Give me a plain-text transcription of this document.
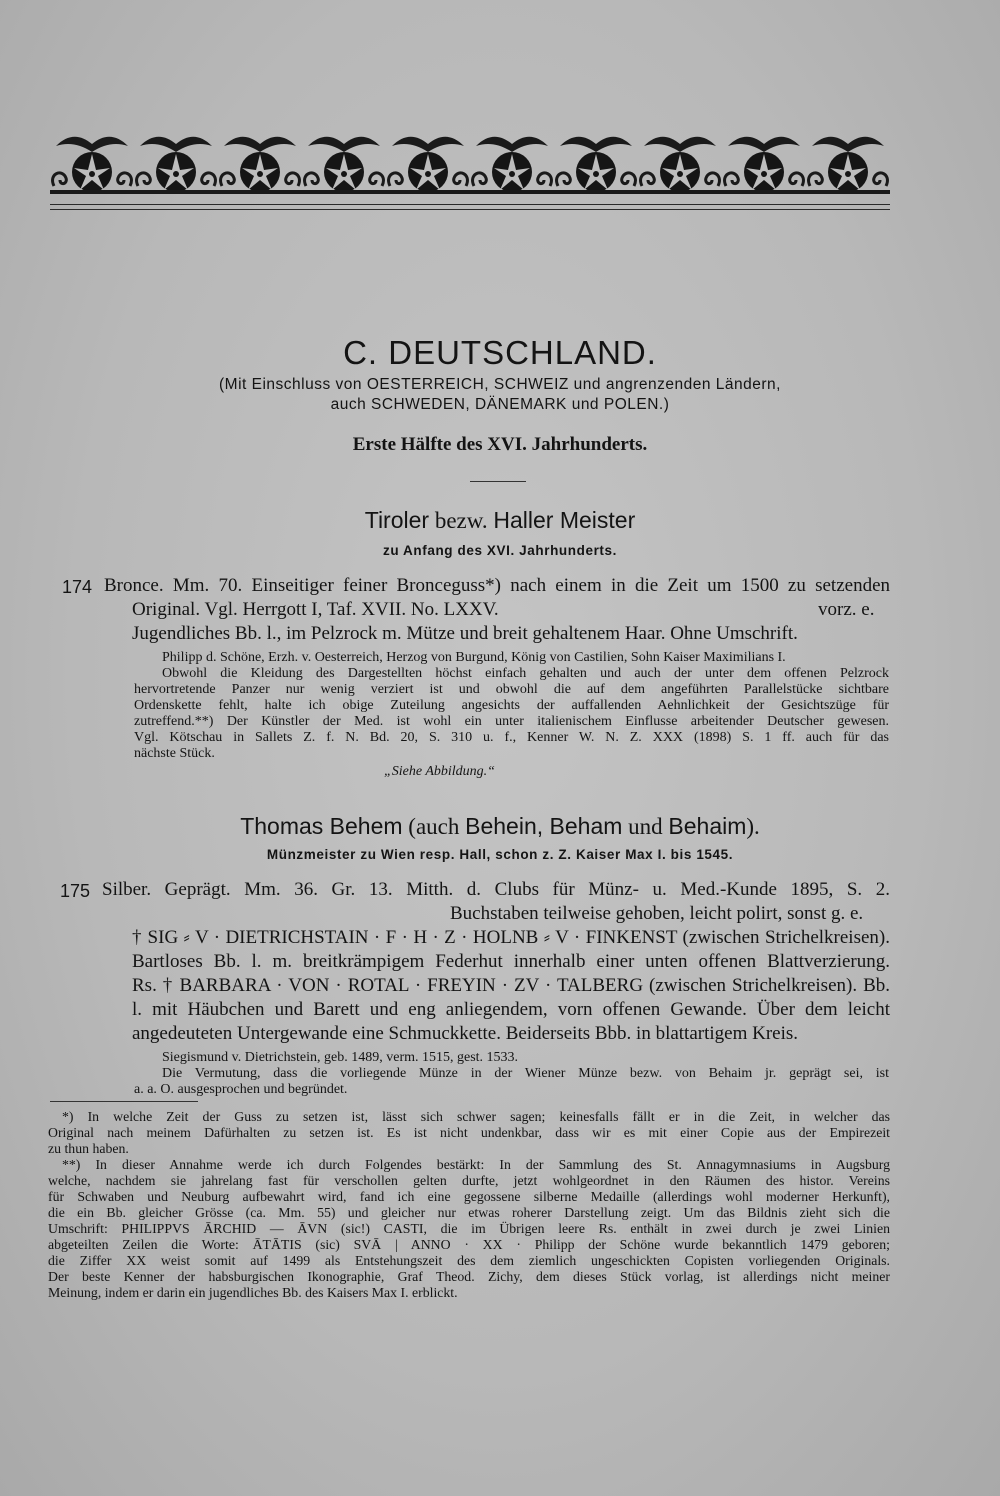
C. DEUTSCHLAND.
(Mit Einschluss von OESTERREICH, SCHWEIZ und angrenzenden Ländern,
auch SCHWEDEN, DÄNEMARK und POLEN.)
Erste Hälfte des XVI. Jahrhunderts.
Tiroler bezw. Haller Meister
zu Anfang des XVI. Jahrhunderts.
174 Bronce. Mm. 70. Einseitiger feiner Bronceguss*) nach einem in die Zeit um 1500 zu setzenden
Original. Vgl. Herrgott I, Taf. XVII. No. LXXV.	vorz. e.
Jugendliches Bb. l., im Pelzrock m. Mütze und breit gehaltenem Haar. Ohne Umschrift.
Philipp d. Schöne, Erzh. v. Oesterreich, Herzog von Burgund, König von Castilien, Sohn Kaiser Maximilians I.
Obwohl die Kleidung des Dargestellten höchst einfach gehalten und auch der unter dem offenen Pelzrock
hervortretende Panzer nur wenig verziert ist und obwohl die auf dem angeführten Parallelstücke sichtbare
Ordenskette fehlt, halte ich obige Zuteilung angesichts der auffallenden Aehnlichkeit der Gesichtszüge für
zutreffend.**) Der Künstler der Med. ist wohl ein unter italienischem Einflusse arbeitender Deutscher gewesen.
Vgl. Kötschau in Sallets Z. f. N. Bd. 20, S. 310 u. f., Kenner W. N. Z. XXX (1898) S. 1 ff. auch für das
nächste Stück.
„Siehe Abbildung.“
Thomas Behem (auch Behein, Beham und Behaim).
Münzmeister zu Wien resp. Hall, schon z. Z. Kaiser Max I. bis 1545.
175 Silber. Geprägt. Mm. 36. Gr. 13. Mitth. d. Clubs für Münz- u. Med.-Kunde 1895, S. 2.
Buchstaben teilweise gehoben, leicht polirt, sonst g. e.
† SIG ⸗ V · DIETRICHSTAIN · F · H · Z · HOLNB ⸗ V · FINKENST (zwischen Strichelkreisen).
Bartloses Bb. l. m. breitkrämpigem Federhut innerhalb einer unten offenen Blattverzierung.
Rs. † BARBARA · VON · ROTAL · FREYIN · ZV · TALBERG (zwischen Strichelkreisen). Bb.
l. mit Häubchen und Barett und eng anliegendem, vorn offenen Gewande. Über dem leicht
angedeuteten Untergewande eine Schmuckkette. Beiderseits Bbb. in blattartigem Kreis.
Siegismund v. Dietrichstein, geb. 1489, verm. 1515, gest. 1533.
Die Vermutung, dass die vorliegende Münze in der Wiener Münze bezw. von Behaim jr. geprägt sei, ist
a. a. O. ausgesprochen und begründet.
*) In welche Zeit der Guss zu setzen ist, lässt sich schwer sagen; keinesfalls fällt er in die Zeit, in welcher das
Original nach meinem Dafürhalten zu setzen ist. Es ist nicht undenkbar, dass wir es mit einer Copie aus der Empirezeit
zu thun haben.
**) In dieser Annahme werde ich durch Folgendes bestärkt: In der Sammlung des St. Annagymnasiums in Augsburg
welche, nachdem sie jahrelang fast für verschollen gelten durfte, jetzt wohlgeordnet in den Räumen des histor. Vereins
für Schwaben und Neuburg aufbewahrt wird, fand ich eine gegossene silberne Medaille (allerdings wohl moderner Herkunft),
die ein Bb. gleicher Grösse (ca. Mm. 55) und gleicher nur etwas roherer Darstellung zeigt. Um das Bildnis zieht sich die
Umschrift: PHILIPPVS ĀRCHID — ĀVN (sic!) CASTI, die im Übrigen leere Rs. enthält in zwei durch je zwei Linien
abgeteilten Zeilen die Worte: ĀTĀTIS (sic) SVĀ | ANNO · XX · Philipp der Schöne wurde bekanntlich 1479 geboren;
die Ziffer XX weist somit auf 1499 als Entstehungszeit des dem ziemlich ungeschickten Copisten vorliegenden Originals.
Der beste Kenner der habsburgischen Ikonographie, Graf Theod. Zichy, dem dieses Stück vorlag, ist allerdings nicht meiner
Meinung, indem er darin ein jugendliches Bb. des Kaisers Max I. erblickt.
